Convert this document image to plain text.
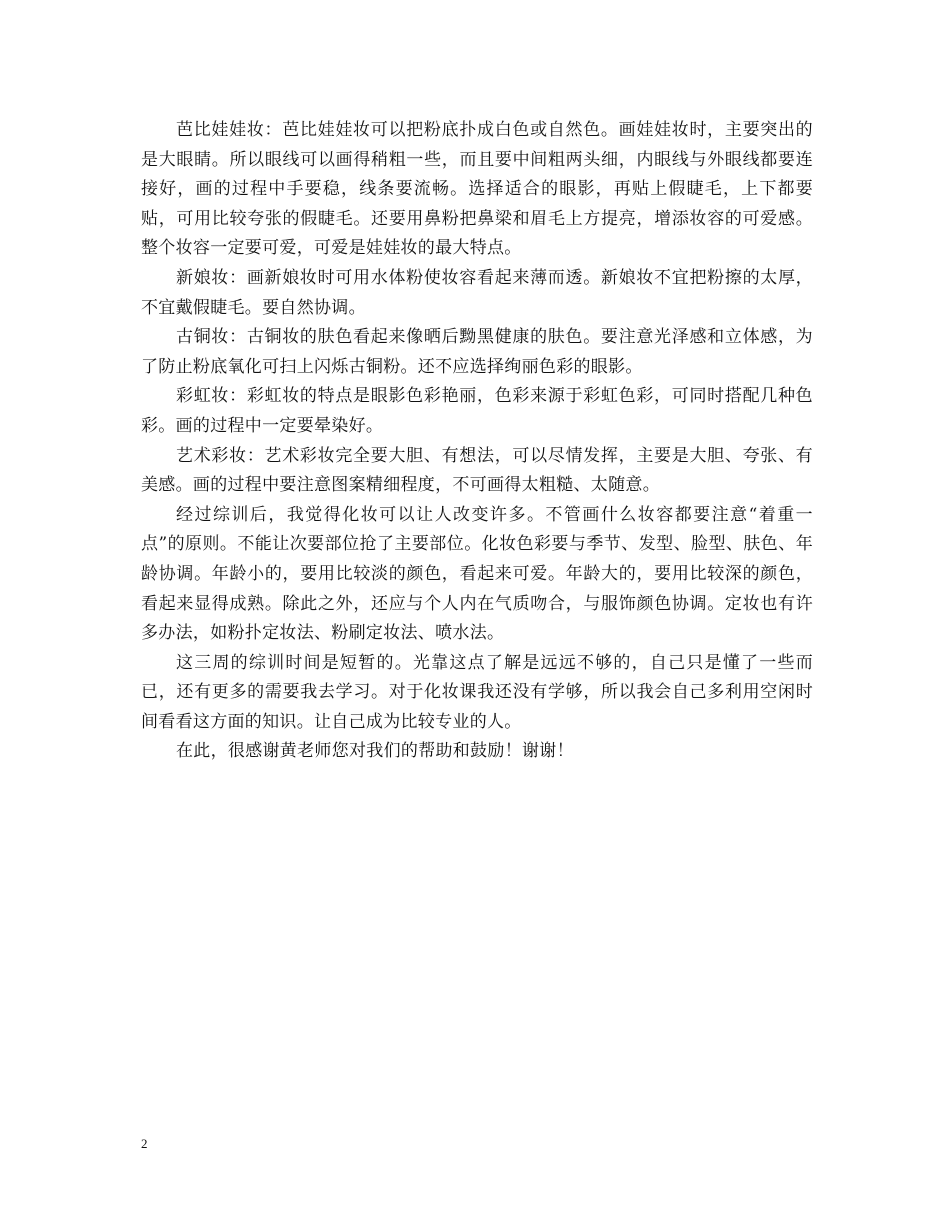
芭比娃娃妆：芭比娃娃妆可以把粉底扑成白色或自然色。画娃娃妆时，主要突出的是大眼睛。所以眼线可以画得稍粗一些，而且要中间粗两头细，内眼线与外眼线都要连接好，画的过程中手要稳，线条要流畅。选择适合的眼影，再贴上假睫毛，上下都要贴，可用比较夸张的假睫毛。还要用鼻粉把鼻梁和眉毛上方提亮，增添妆容的可爱感。整个妆容一定要可爱，可爱是娃娃妆的最大特点。

新娘妆：画新娘妆时可用水体粉使妆容看起来薄而透。新娘妆不宜把粉擦的太厚，不宜戴假睫毛。要自然协调。

古铜妆：古铜妆的肤色看起来像晒后黝黑健康的肤色。要注意光泽感和立体感，为了防止粉底氧化可扫上闪烁古铜粉。还不应选择绚丽色彩的眼影。

彩虹妆：彩虹妆的特点是眼影色彩艳丽，色彩来源于彩虹色彩，可同时搭配几种色彩。画的过程中一定要晕染好。

艺术彩妆：艺术彩妆完全要大胆、有想法，可以尽情发挥，主要是大胆、夸张、有美感。画的过程中要注意图案精细程度，不可画得太粗糙、太随意。

经过综训后，我觉得化妆可以让人改变许多。不管画什么妆容都要注意“着重一点”的原则。不能让次要部位抢了主要部位。化妆色彩要与季节、发型、脸型、肤色、年龄协调。年龄小的，要用比较淡的颜色，看起来可爱。年龄大的，要用比较深的颜色，看起来显得成熟。除此之外，还应与个人内在气质吻合，与服饰颜色协调。定妆也有许多办法，如粉扑定妆法、粉刷定妆法、喷水法。

这三周的综训时间是短暂的。光靠这点了解是远远不够的，自己只是懂了一些而已，还有更多的需要我去学习。对于化妆课我还没有学够，所以我会自己多利用空闲时间看看这方面的知识。让自己成为比较专业的人。

在此，很感谢黄老师您对我们的帮助和鼓励！谢谢！

2
